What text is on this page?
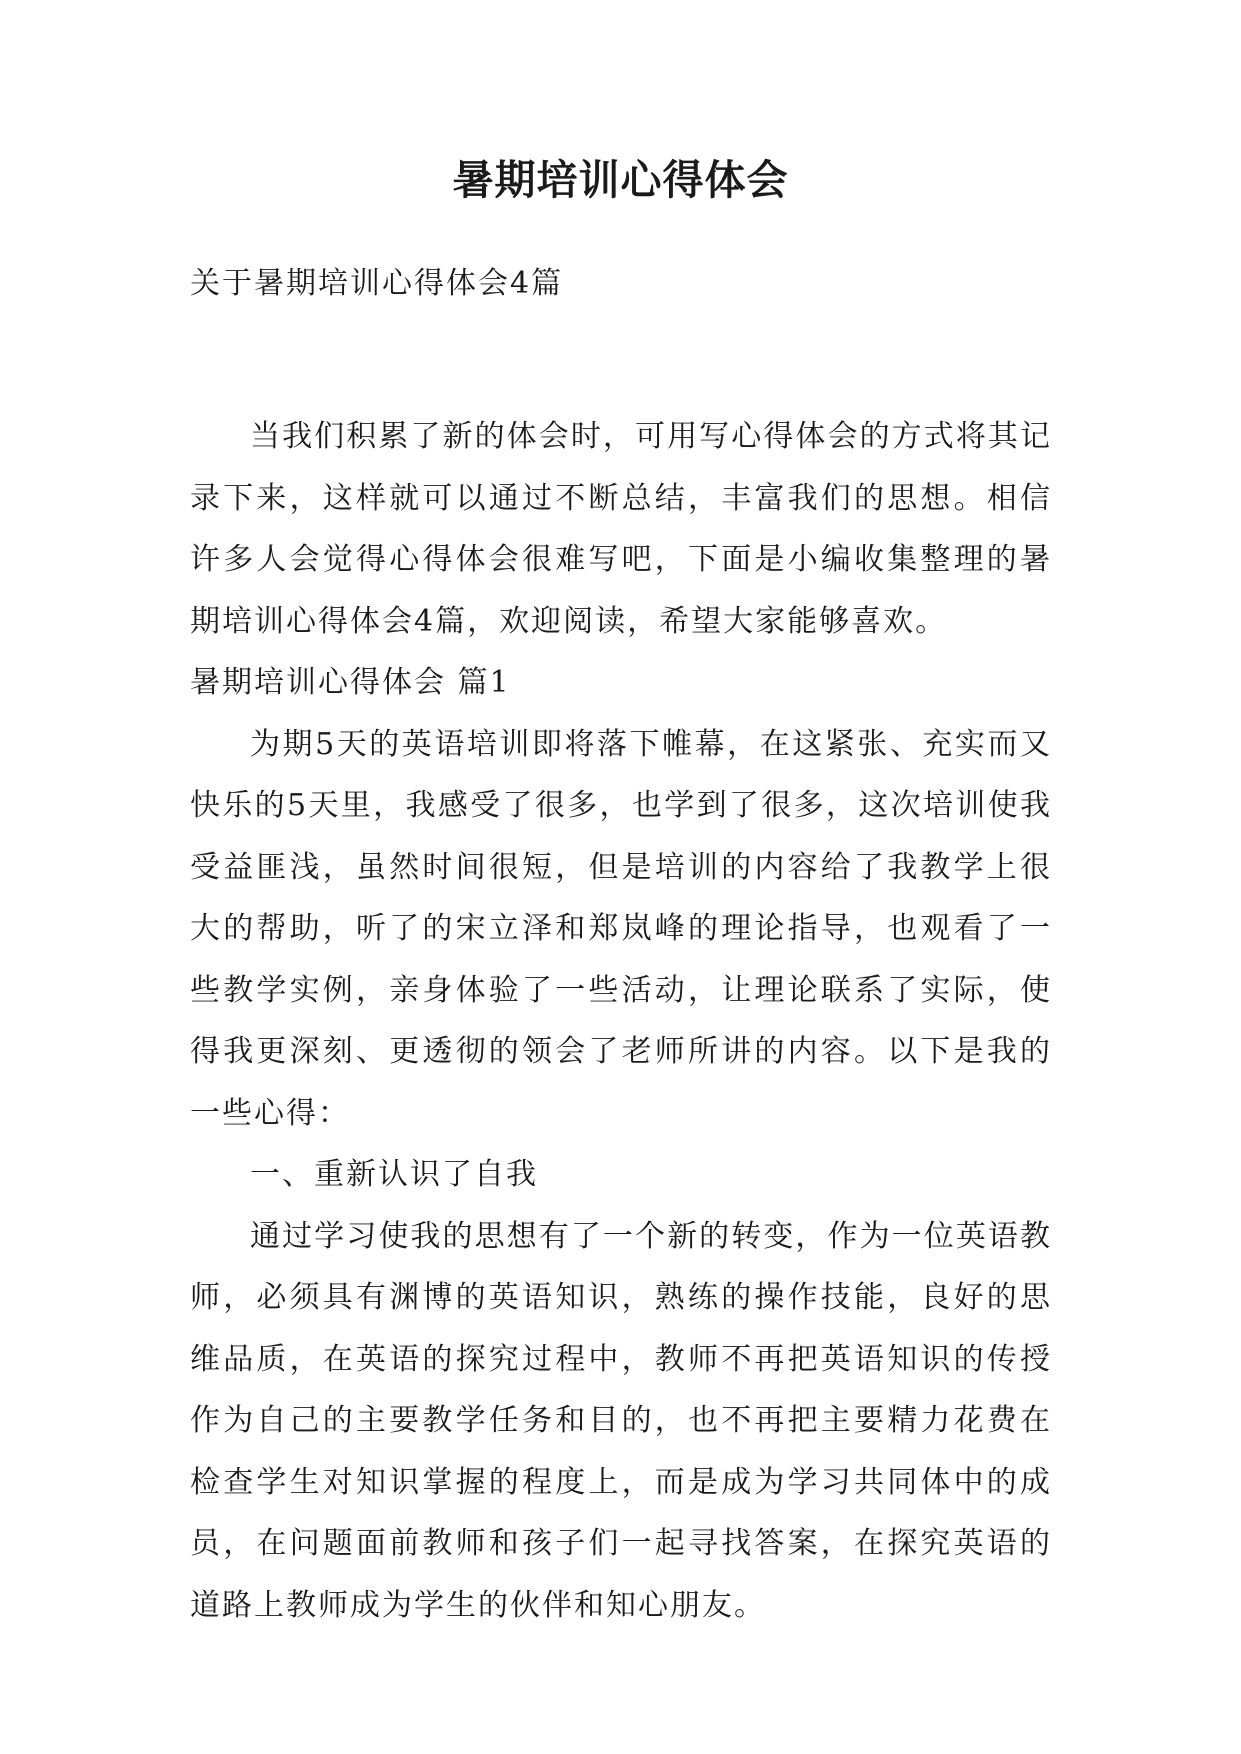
暑期培训心得体会
关于暑期培训心得体会4篇

当我们积累了新的体会时，可用写心得体会的方式将其记录下来，这样就可以通过不断总结，丰富我们的思想。相信许多人会觉得心得体会很难写吧，下面是小编收集整理的暑期培训心得体会4篇，欢迎阅读，希望大家能够喜欢。

暑期培训心得体会 篇1

为期5天的英语培训即将落下帷幕，在这紧张、充实而又快乐的5天里，我感受了很多，也学到了很多，这次培训使我受益匪浅，虽然时间很短，但是培训的内容给了我教学上很大的帮助，听了的宋立泽和郑岚峰的理论指导，也观看了一些教学实例，亲身体验了一些活动，让理论联系了实际，使得我更深刻、更透彻的领会了老师所讲的内容。以下是我的一些心得：

一、重新认识了自我

通过学习使我的思想有了一个新的转变，作为一位英语教师，必须具有渊博的英语知识，熟练的操作技能，良好的思维品质，在英语的探究过程中，教师不再把英语知识的传授作为自己的主要教学任务和目的，也不再把主要精力花费在检查学生对知识掌握的程度上，而是成为学习共同体中的成员，在问题面前教师和孩子们一起寻找答案，在探究英语的道路上教师成为学生的伙伴和知心朋友。
